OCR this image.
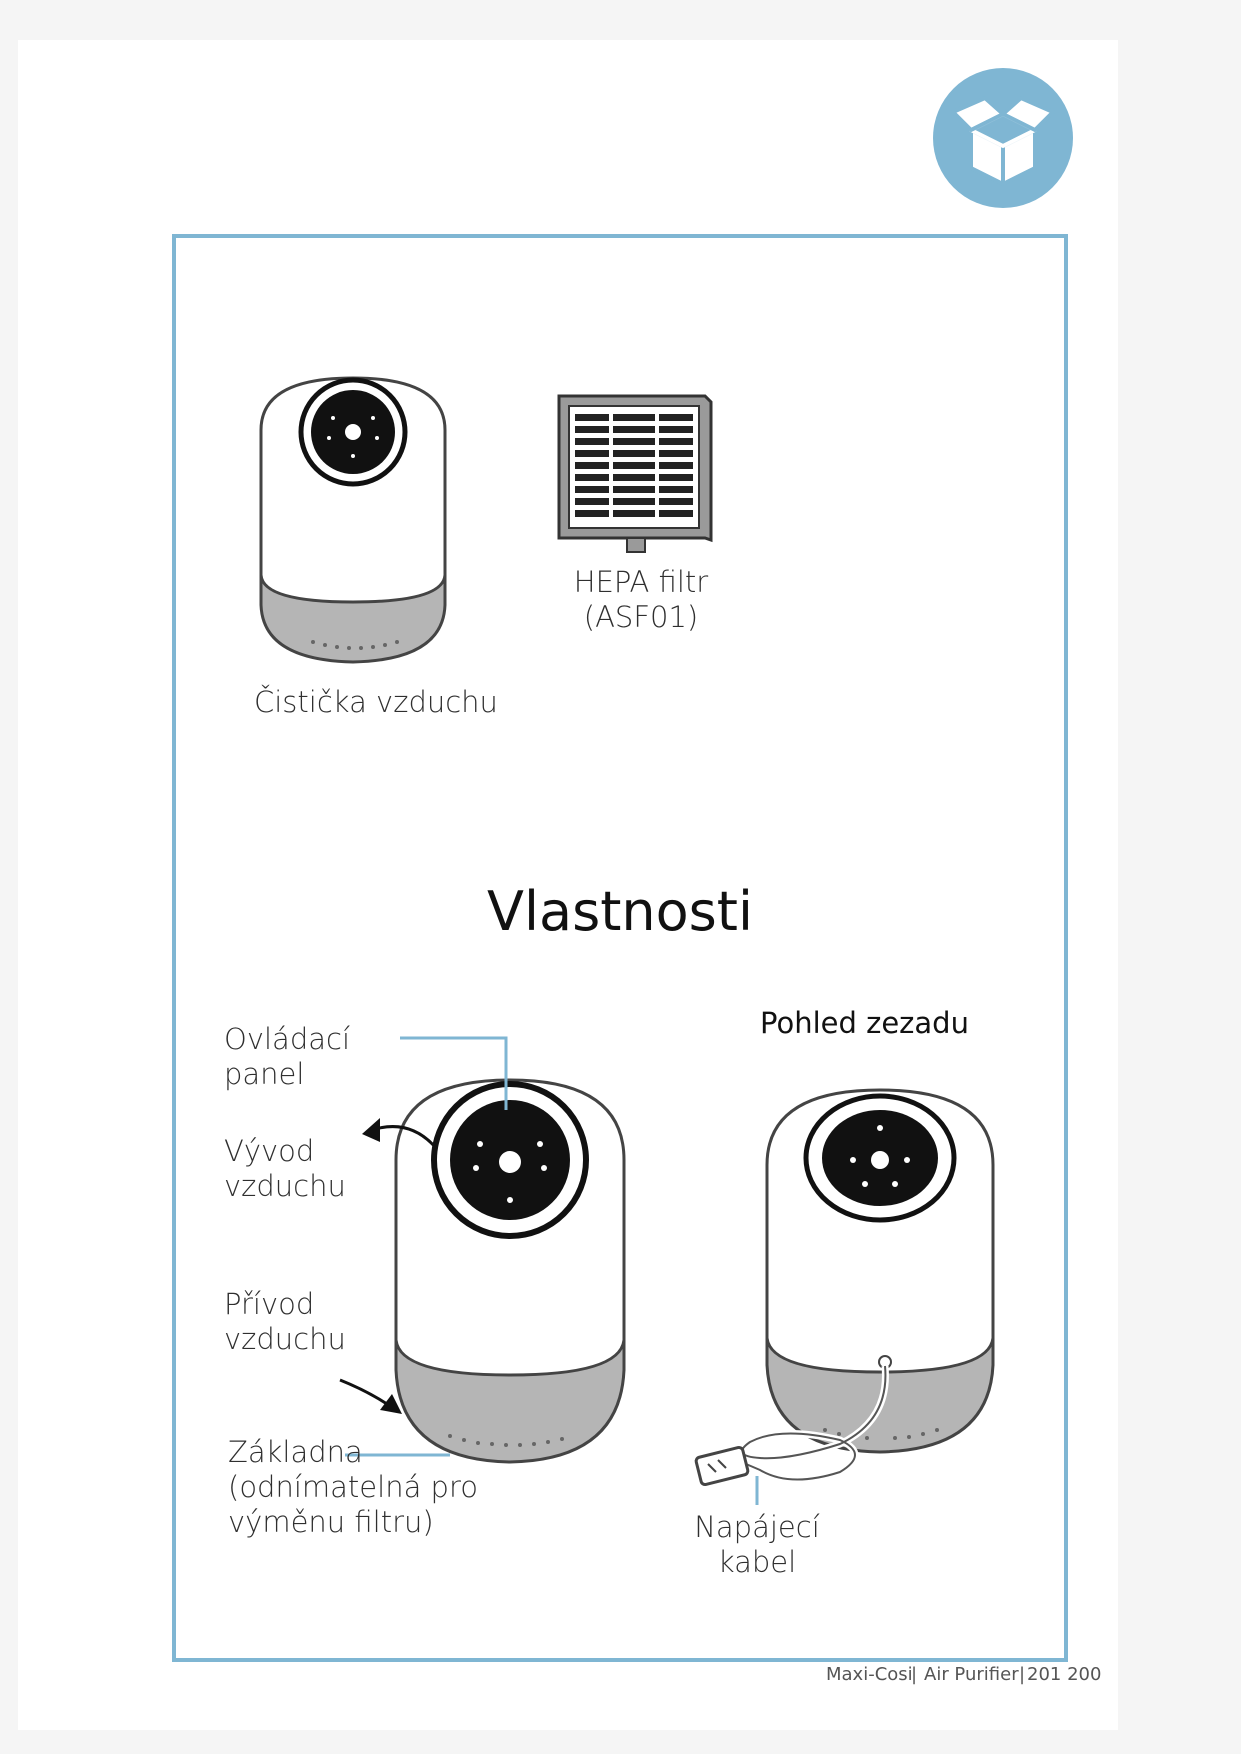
Čistička vzduchu
HEPA filtr
(ASF01)
Vlastnosti
Pohled zezadu
Ovládací
panel
Vývod
vzduchu
Přívod
vzduchu
Základna
(odnímatelná pro
výměnu filtru)	Napájecí
kabel
Maxi-Cosi
| Air Purifier | 201 200
